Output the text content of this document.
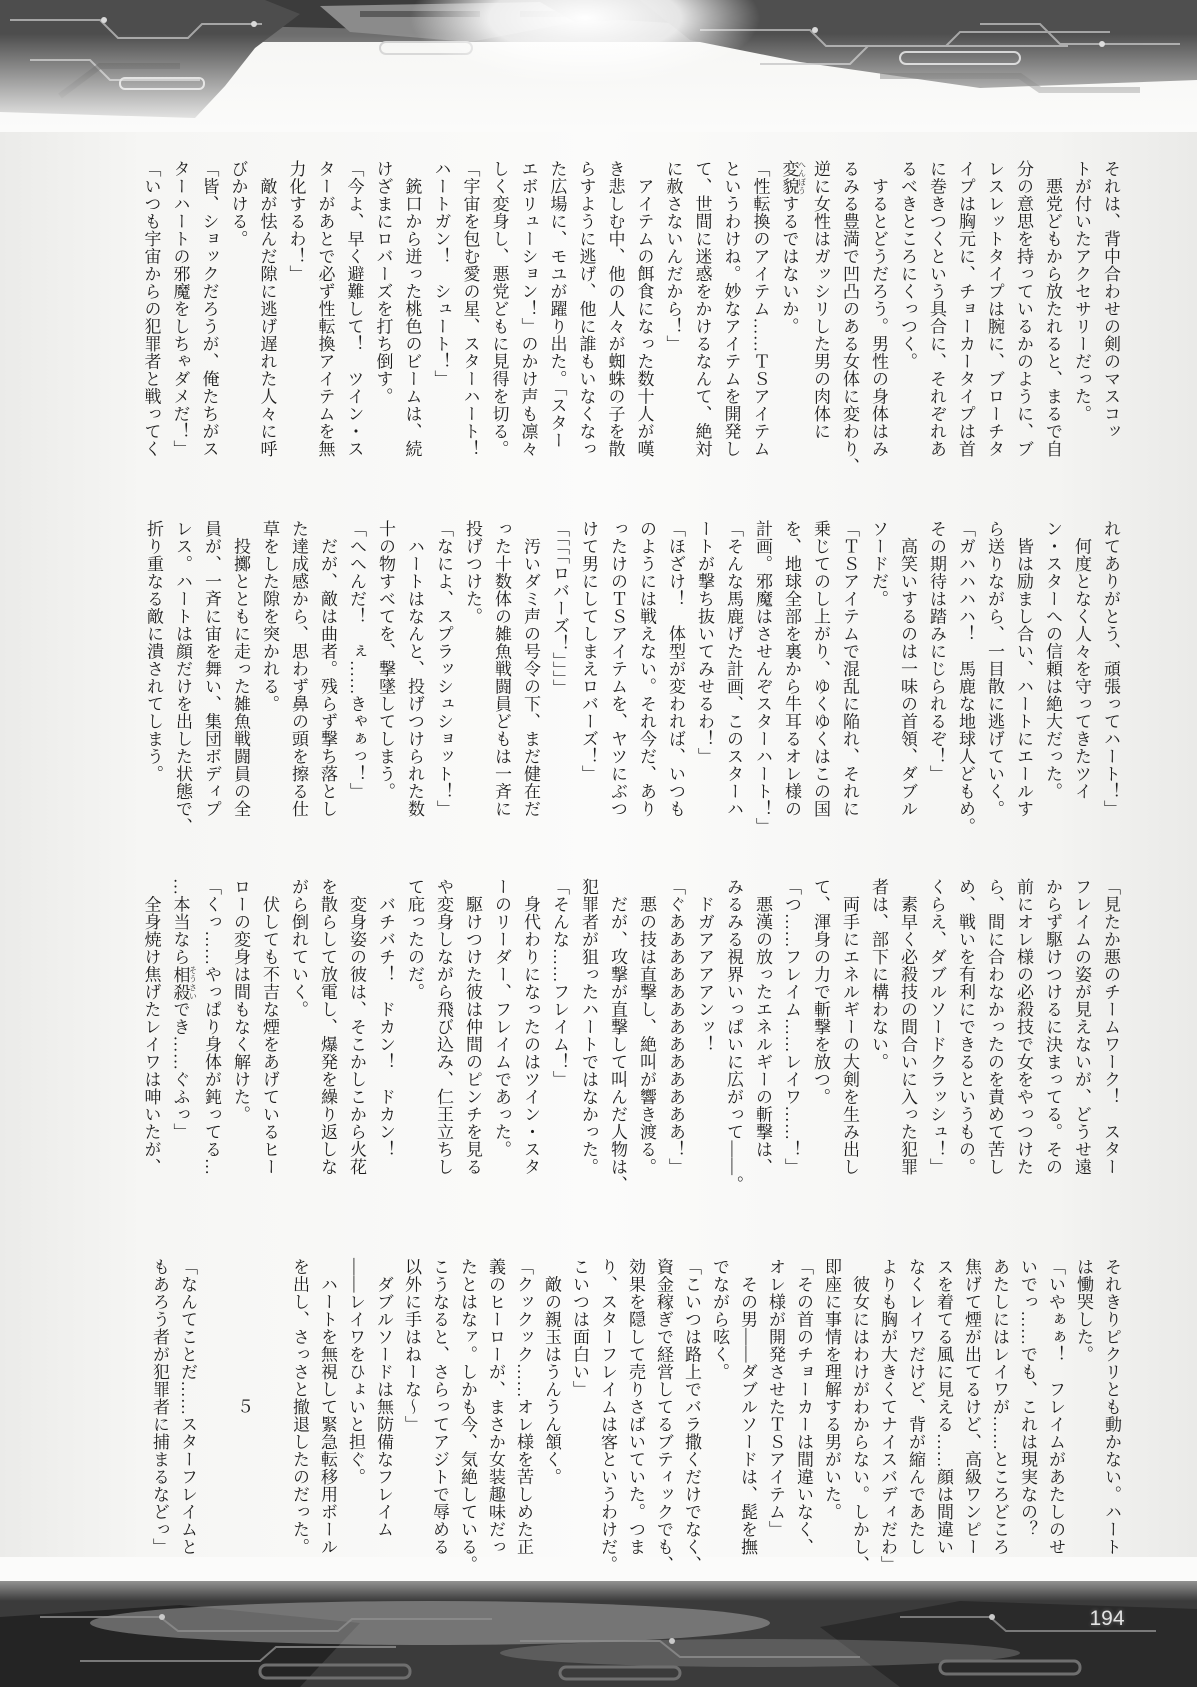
それは、背中合わせの剣のマスコッ
トが付いたアクセサリーだった。
　悪党どもから放たれると、まるで自
分の意思を持っているかのように、ブ
レスレットタイプは腕に、ブローチタ
イプは胸元に、チョーカータイプは首
に巻きつくという具合に、それぞれあ
るべきところにくっつく。
　するとどうだろう。男性の身体はみ
るみる豊満で凹凸のある女体に変わり、
逆に女性はガッシリした男の肉体に
変貌 へんぼうするではないか。
「性転換のアイテム……ＴＳアイテム
というわけね。妙なアイテムを開発し
て、世間に迷惑をかけるなんて、絶対
に赦さないんだから！」
　アイテムの餌食になった数十人が嘆
き悲しむ中、他の人々が蜘蛛の子を散
らすように逃げ、他に誰もいなくなっ
た広場に、モユが躍り出た。「スター
エボリューション！」のかけ声も凛々
しく変身し、悪党どもに見得を切る。
「宇宙を包む愛の星、スターハート！
ハートガン！　シュート！」
　銃口から迸った桃色のビームは、続
けざまにロバーズを打ち倒す。
「今よ、早く避難して！　ツイン・ス
ターがあとで必ず性転換アイテムを無
力化するわ！」
　敵が怯んだ隙に逃げ遅れた人々に呼
びかける。
「皆、ショックだろうが、俺たちがス
ターハートの邪魔をしちゃダメだ！」
「いつも宇宙からの犯罪者と戦ってく
れてありがとう、頑張ってハート！」
　何度となく人々を守ってきたツイ
ン・スターへの信頼は絶大だった。
　皆は励まし合い、ハートにエールす
ら送りながら、一目散に逃げていく。
「ガハハハハ！　馬鹿な地球人どもめ。
その期待は踏みにじられるぞ！」
　高笑いするのは一味の首領、ダブル
ソードだ。
「ＴＳアイテムで混乱に陥れ、それに
乗じてのし上がり、ゆくゆくはこの国
を、地球全部を裏から牛耳るオレ様の
計画。邪魔はさせんぞスターハート！」
「そんな馬鹿げた計画、このスターハ
ートが撃ち抜いてみせるわ！」
「ほざけ！　体型が変われば、いつも
のようには戦えない。それ今だ、あり
ったけのＴＳアイテムを、ヤツにぶつ
けて男にしてしまえロバーズ！」
「「「「ロバーズ！」」」」
　汚いダミ声の号令の下、まだ健在だ
った十数体の雑魚戦闘員どもは一斉に
投げつけた。
「なによ、スプラッシュショット！」
　ハートはなんと、投げつけられた数
十の物すべてを、撃墜してしまう。
「へへんだ！　ぇ……きゃぁっ！」
　だが、敵は曲者。残らず撃ち落とし
た達成感から、思わず鼻の頭を擦る仕
草をした隙を突かれる。
　投擲とともに走った雑魚戦闘員の全
員が、一斉に宙を舞い、集団ボディプ
レス。ハートは顔だけを出した状態で、
折り重なる敵に潰されてしまう。
「見たか悪のチームワーク！　スター
フレイムの姿が見えないが、どうせ遠
からず駆けつけるに決まってる。その
前にオレ様の必殺技で女をやっつけた
ら、間に合わなかったのを責めて苦し
め、戦いを有利にできるというもの。
くらえ、ダブルソードクラッシュ！」
　素早く必殺技の間合いに入った犯罪
者は、部下に構わない。
　両手にエネルギーの大剣を生み出し
て、渾身の力で斬撃を放つ。
「つ……フレイム……レイワ……！」
　悪漢の放ったエネルギーの斬撃は、
みるみる視界いっぱいに広がって――。
　ドガアアアアンッ！
「ぐあああああああああああああ！」
　悪の技は直撃し、絶叫が響き渡る。
　だが、攻撃が直撃して叫んだ人物は、
犯罪者が狙ったハートではなかった。
「そんな……フレイム！」
　身代わりになったのはツイン・スタ
ーのリーダー、フレイムであった。
　駆けつけた彼は仲間のピンチを見る
や変身しながら飛び込み、仁王立ちし
て庇ったのだ。
　バチバチ！　ドカン！　ドカン！
　変身姿の彼は、そこかしこから火花
を散らして放電し、爆発を繰り返しな
がら倒れていく。
　伏しても不吉な煙をあげているヒー
ローの変身は間もなく解けた。
「くっ……やっぱり身体が鈍ってる…
…本当なら相殺 そうさいでき……ぐふっ」
　全身焼け焦げたレイワは呻いたが、
それきりピクリとも動かない。ハート
は慟哭した。
「いやぁぁ！　フレイムがあたしのせ
いでっ……でも、これは現実なの？
あたしにはレイワが……ところどころ
焦げて煙が出てるけど、高級ワンピー
スを着てる風に見える……顔は間違い
なくレイワだけど、背が縮んであたし
よりも胸が大きくてナイスバディだわ」
　彼女にはわけがわからない。しかし、
即座に事情を理解する男がいた。
「その首のチョーカーは間違いなく、
オレ様が開発させたＴＳアイテム」
　その男――ダブルソードは、髭を撫
でながら呟く。
「こいつは路上でバラ撒くだけでなく、
資金稼ぎで経営してるブティックでも、
効果を隠して売りさばいていた。つま
り、スターフレイムは客というわけだ。
こいつは面白い」
　敵の親玉はうんうん頷く。
「クックック……オレ様を苦しめた正
義のヒーローが、まさか女装趣味だっ
たとはなァ。しかも今、気絶している。
こうなると、さらってアジトで辱める
以外に手はねーな〜」
　ダブルソードは無防備なフレイム
――レイワをひょいと担ぐ。
　ハートを無視して緊急転移用ボール
を出し、さっさと撤退したのだった。

　　　　　　　　５

「なんてことだ……スターフレイムと
もあろう者が犯罪者に捕まるなどっ」
194
